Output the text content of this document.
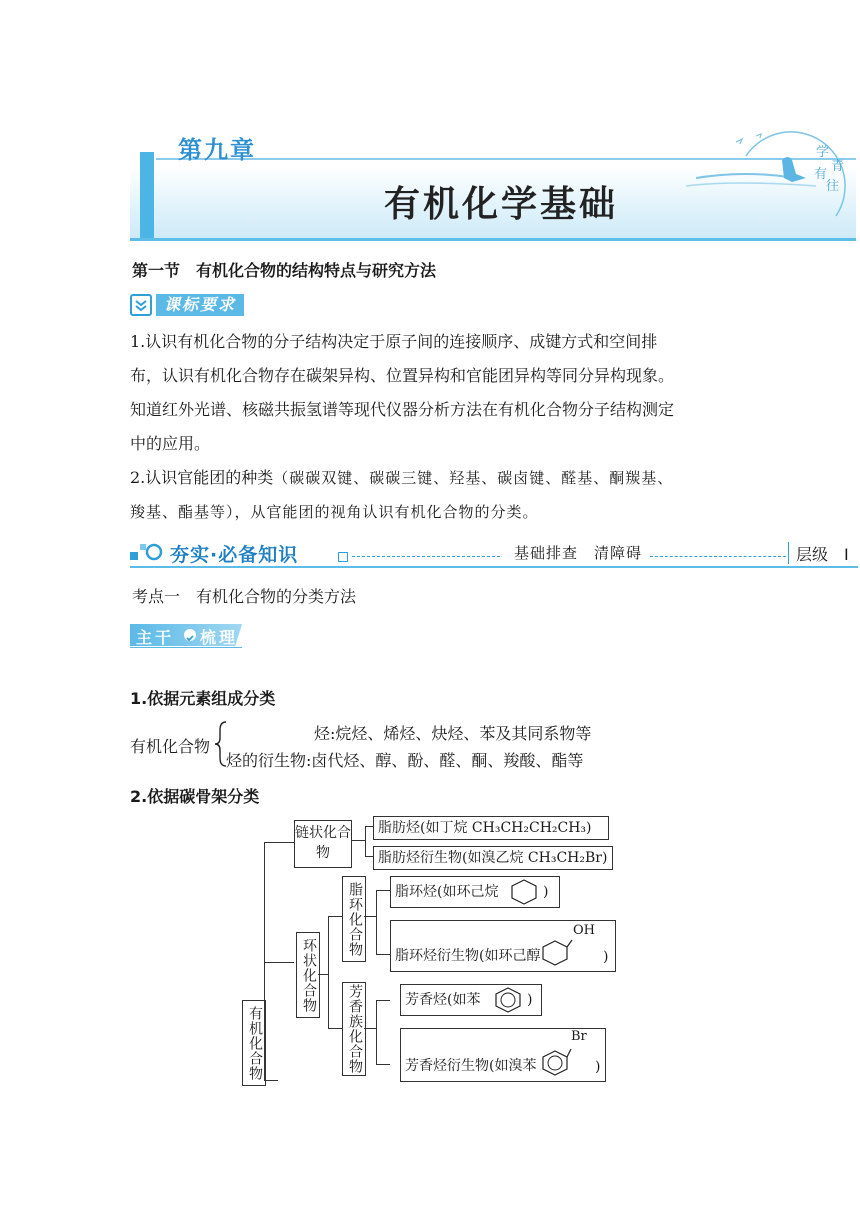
第九章
有机化学基础
学
青
有
往
第一节　有机化合物的结构特点与研究方法
课标要求
1.认识有机化合物的分子结构决定于原子间的连接顺序、成键方式和空间排
布，认识有机化合物存在碳架异构、位置异构和官能团异构等同分异构现象。
知道红外光谱、核磁共振氢谱等现代仪器分析方法在有机化合物分子结构测定
中的应用。
2.认识官能团的种类（碳碳双键、碳碳三键、羟基、碳卤键、醛基、酮羰基、
羧基、酯基等），从官能团的视角认识有机化合物的分类。
夯实·必备知识	基础排查　清障碍	层级　I
考点一　有机化合物的分类方法
主干 梳理
1.依据元素组成分类
有机化合物
烃:烷烃、烯烃、炔烃、苯及其同系物等
烃的衍生物:卤代烃、醇、酚、醛、酮、羧酸、酯等
2.依据碳骨架分类
有机化合物
链状化合物
脂肪烃(如丁烷 CH₃CH₂CH₂CH₃)
脂肪烃衍生物(如溴乙烷 CH₃CH₂Br)
环状化合物
脂环化合物	脂环烃(如环己烷	)
脂环烃衍生物(如环己醇
OH
)
芳香族化合物	芳香烃(如苯	)
芳香烃衍生物(如溴苯
Br
)
